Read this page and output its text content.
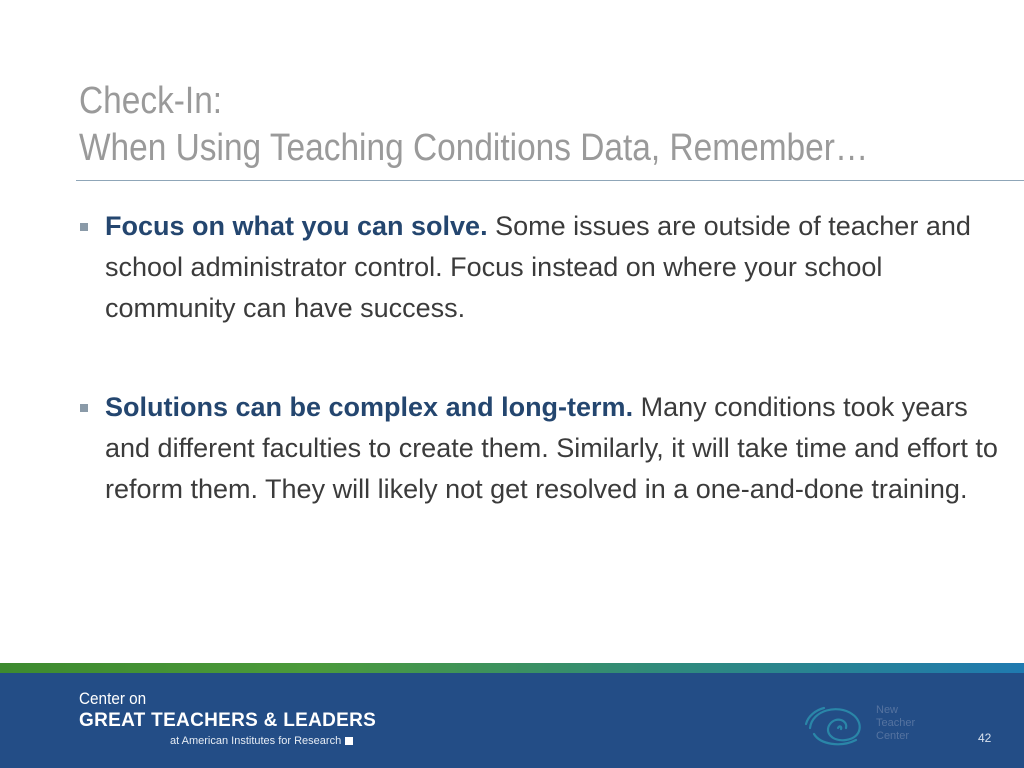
Check-In:
When Using Teaching Conditions Data, Remember…
Focus on what you can solve. Some issues are outside of teacher and school administrator control. Focus instead on where your school community can have success.
Solutions can be complex and long-term. Many conditions took years and different faculties to create them. Similarly, it will take time and effort to reform them. They will likely not get resolved in a one-and-done training.
Center on
GREAT TEACHERS & LEADERS
at American Institutes for Research
New
Teacher
Center	42
